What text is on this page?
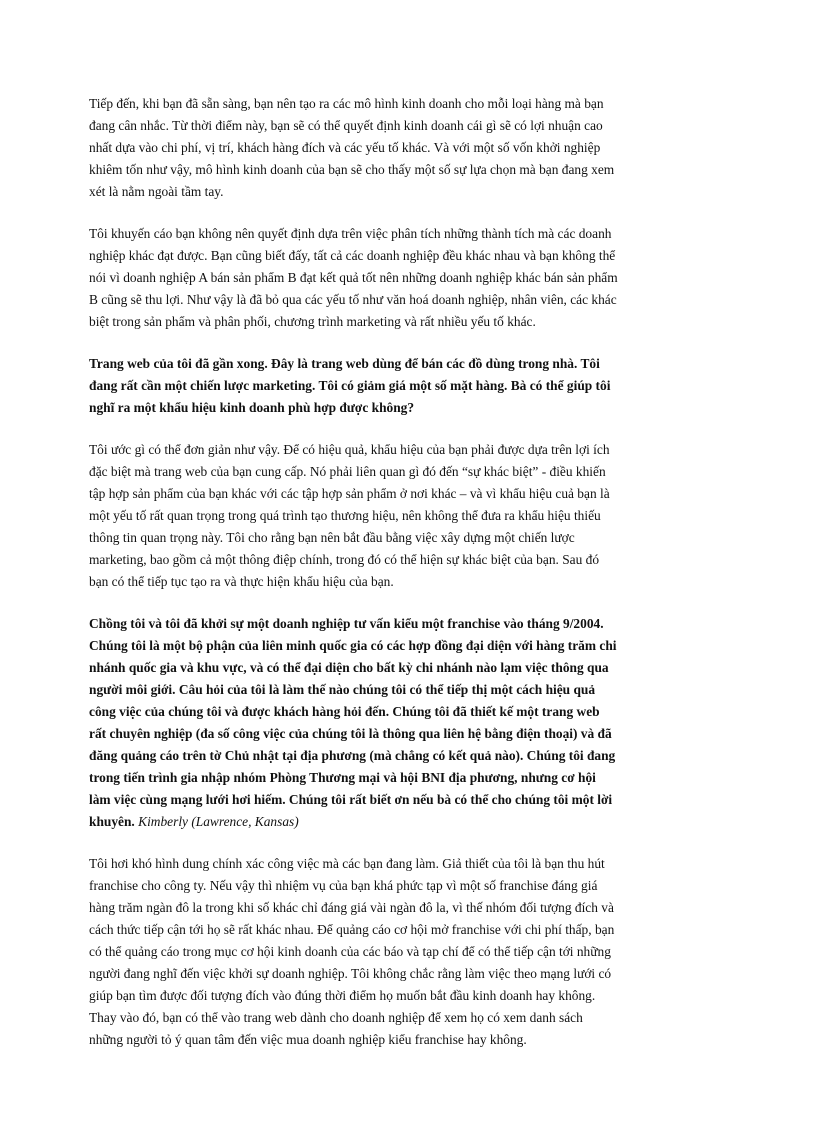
Tiếp đến, khi bạn đã sẵn sàng, bạn nên tạo ra các mô hình kinh doanh cho mỗi loại hàng mà bạn đang cân nhắc. Từ thời điểm này, bạn sẽ có thể quyết định kinh doanh cái gì sẽ có lợi nhuận cao nhất dựa vào chi phí, vị trí, khách hàng đích và các yếu tố khác. Và với một số vốn khởi nghiệp khiêm tốn như vậy, mô hình kinh doanh của bạn sẽ cho thấy một số sự lựa chọn mà bạn đang xem xét là nằm ngoài tầm tay.

Tôi khuyến cáo bạn không nên quyết định dựa trên việc phân tích những thành tích mà các doanh nghiệp khác đạt được. Bạn cũng biết đấy, tất cả các doanh nghiệp đều khác nhau và bạn không thể nói vì doanh nghiệp A bán sản phẩm B đạt kết quả tốt nên những doanh nghiệp khác bán sản phẩm B cũng sẽ thu lợi. Như vậy là đã bỏ qua các yếu tố như văn hoá doanh nghiệp, nhân viên, các khác biệt trong sản phẩm và phân phối, chương trình marketing và rất nhiều yếu tố khác.

Trang web của tôi đã gần xong. Đây là trang web dùng để bán các đồ dùng trong nhà. Tôi đang rất cần một chiến lược marketing. Tôi có giảm giá một số mặt hàng. Bà có thể giúp tôi nghĩ ra một khẩu hiệu kinh doanh phù hợp được không?

Tôi ước gì có thể đơn giản như vậy. Để có hiệu quả, khẩu hiệu của bạn phải được dựa trên lợi ích đặc biệt mà trang web của bạn cung cấp. Nó phải liên quan gì đó đến “sự khác biệt” - điều khiến tập hợp sản phẩm của bạn khác với các tập hợp sản phẩm ở nơi khác – và vì khẩu hiệu cuả bạn là một yếu tố rất quan trọng trong quá trình tạo thương hiệu, nên không thể đưa ra khẩu hiệu thiếu thông tin quan trọng này. Tôi cho rằng bạn nên bắt đầu bằng việc xây dựng một chiến lược marketing, bao gồm cả một thông điệp chính, trong đó có thể hiện sự khác biệt của bạn. Sau đó bạn có thể tiếp tục tạo ra và thực hiện khẩu hiệu của bạn.

Chồng tôi và tôi đã khởi sự một doanh nghiệp tư vấn kiểu một franchise vào tháng 9/2004. Chúng tôi là một bộ phận của liên minh quốc gia có các hợp đồng đại diện với hàng trăm chi nhánh quốc gia và khu vực, và có thể đại diện cho bất kỳ chi nhánh nào lạm việc thông qua người môi giới. Câu hỏi của tôi là làm thế nào chúng tôi có thể tiếp thị một cách hiệu quả công việc của chúng tôi và được khách hàng hỏi đến. Chúng tôi đã thiết kế một trang web rất chuyên nghiệp (đa số công việc của chúng tôi là thông qua liên hệ bằng điện thoại) và đã đăng quảng cáo trên tờ Chủ nhật tại địa phương (mà chẳng có kết quả nào). Chúng tôi đang trong tiến trình gia nhập nhóm Phòng Thương mại và hội BNI địa phương, nhưng cơ hội làm việc cùng mạng lưới hơi hiếm. Chúng tôi rất biết ơn nếu bà có thể cho chúng tôi một lời khuyên. Kimberly (Lawrence, Kansas)

Tôi hơi khó hình dung chính xác công việc mà các bạn đang làm. Giả thiết của tôi là bạn thu hút franchise cho công ty. Nếu vậy thì nhiệm vụ của bạn khá phức tạp vì một số franchise đáng giá hàng trăm ngàn đô la trong khi số khác chỉ đáng giá vài ngàn đô la, vì thế nhóm đối tượng đích và cách thức tiếp cận tới họ sẽ rất khác nhau. Để quảng cáo cơ hội mở franchise với chi phí thấp, bạn có thể quảng cáo trong mục cơ hội kinh doanh của các báo và tạp chí để có thể tiếp cận tới những người đang nghĩ đến việc khởi sự doanh nghiệp. Tôi không chắc rằng làm việc theo mạng lưới có giúp bạn tìm được đối tượng đích vào đúng thời điểm họ muốn bắt đầu kinh doanh hay không. Thay vào đó, bạn có thể vào trang web dành cho doanh nghiệp để xem họ có xem danh sách những người tỏ ý quan tâm đến việc mua doanh nghiệp kiểu franchise hay không.
